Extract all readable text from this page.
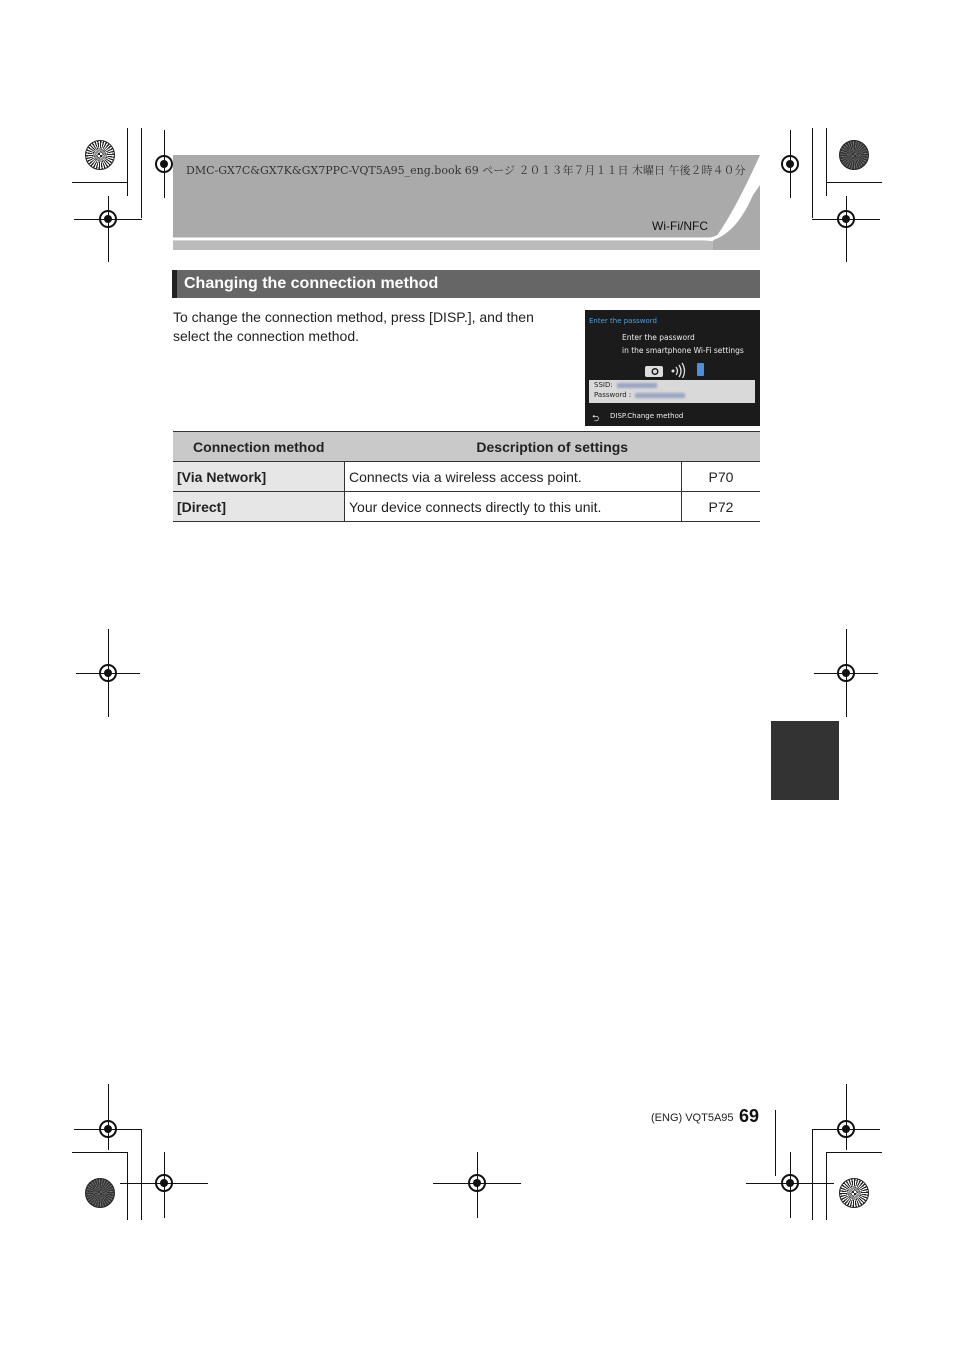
DMC-GX7C&GX7K&GX7PPC-VQT5A95_eng.book 69 ページ ２０１３年７月１１日 木曜日 午後２時４０分
Wi-Fi/NFC
Changing the connection method
To change the connection method, press [DISP.], and then select the connection method.
Enter the password
Enter the password
in the smartphone Wi-Fi settings
SSID:
Password :
⮌ DISP.Change method
Connection method	Description of settings	
[Via Network]	Connects via a wireless access point.	P70
[Direct]	Your device connects directly to this unit.	P72
(ENG) VQT5A95 69
